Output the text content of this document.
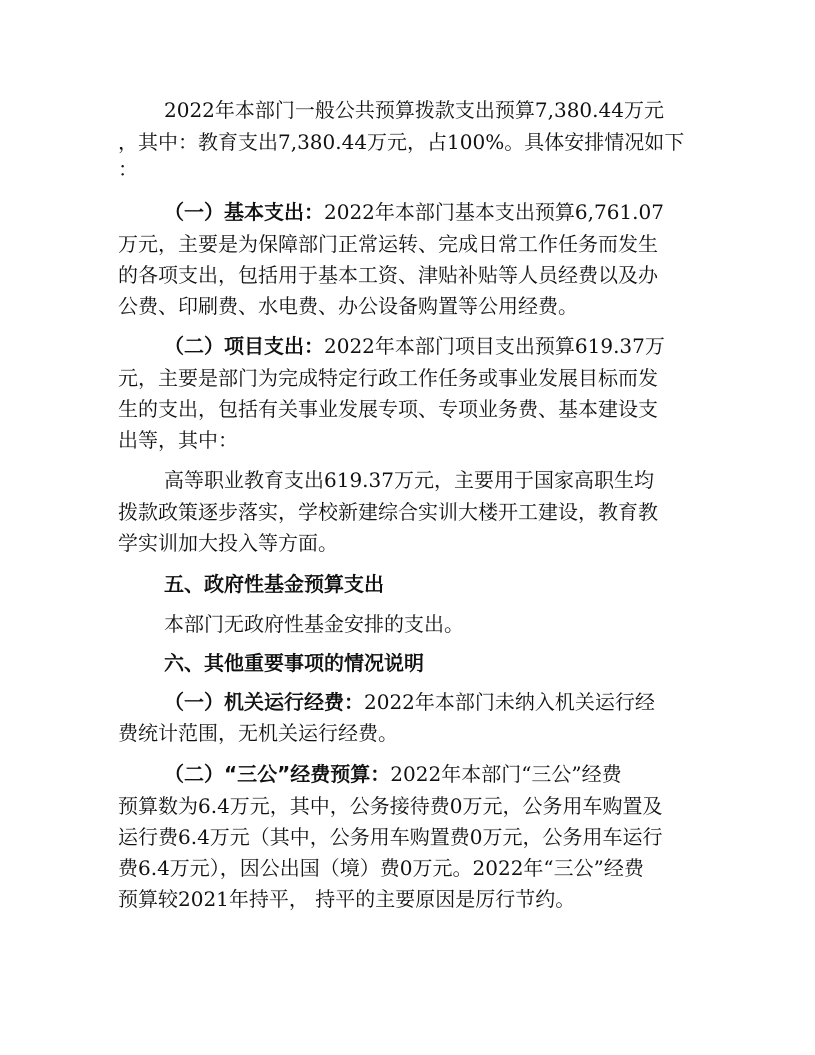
2022年本部门一般公共预算拨款支出预算7,380.44万元
，其中：教育支出7,380.44万元，占100%。具体安排情况如下
：
（一）基本支出：2022年本部门基本支出预算6,761.07
万元，主要是为保障部门正常运转、完成日常工作任务而发生
的各项支出，包括用于基本工资、津贴补贴等人员经费以及办
公费、印刷费、水电费、办公设备购置等公用经费。
（二）项目支出：2022年本部门项目支出预算619.37万
元，主要是部门为完成特定行政工作任务或事业发展目标而发
生的支出，包括有关事业发展专项、专项业务费、基本建设支
出等，其中：
高等职业教育支出619.37万元，主要用于国家高职生均
拨款政策逐步落实，学校新建综合实训大楼开工建设，教育教
学实训加大投入等方面。
五、政府性基金预算支出
本部门无政府性基金安排的支出。
六、其他重要事项的情况说明
（一）机关运行经费：2022年本部门未纳入机关运行经
费统计范围，无机关运行经费。
（二）“三公”经费预算：2022年本部门“三公”经费
预算数为6.4万元，其中，公务接待费0万元，公务用车购置及
运行费6.4万元（其中，公务用车购置费0万元，公务用车运行
费6.4万元），因公出国（境）费0万元。2022年“三公”经费
预算较2021年持平， 持平的主要原因是厉行节约。
